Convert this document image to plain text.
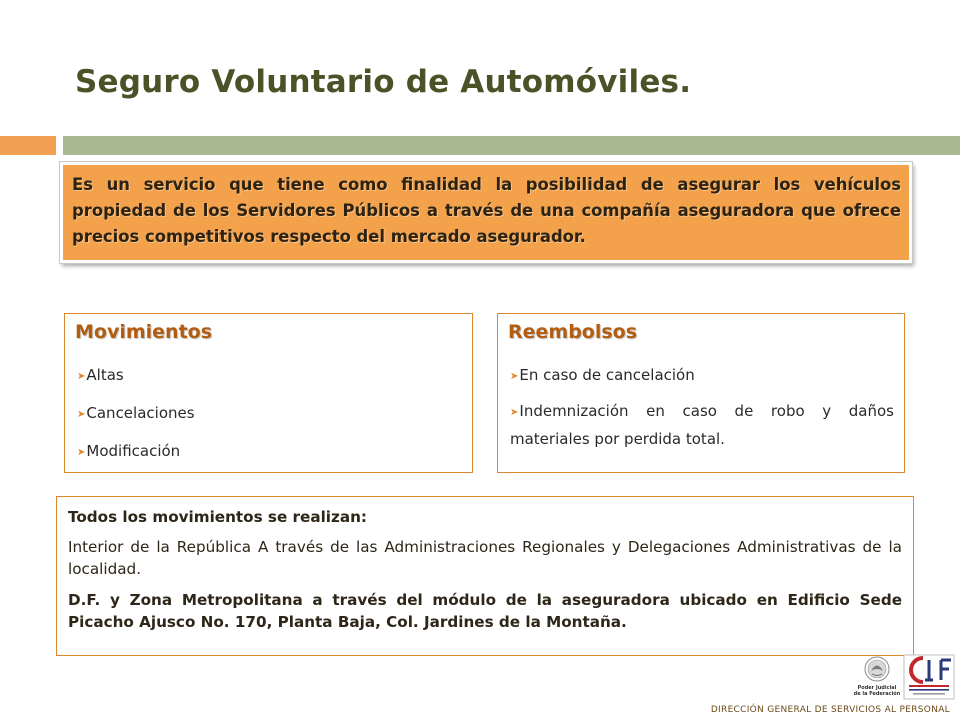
Seguro Voluntario de Automóviles.

Es un servicio que tiene como finalidad la posibilidad de asegurar los vehículos propiedad de los Servidores Públicos a través de una compañía aseguradora que ofrece precios competitivos respecto del mercado asegurador.

Movimientos
➤Altas
➤Cancelaciones
➤Modificación
Reembolsos
➤En caso de cancelación
➤Indemnización en caso de robo y daños materiales por perdida total.

Todos los movimientos se realizan:

Interior de la República A través de las Administraciones Regionales y Delegaciones Administrativas de la localidad.

D.F. y Zona Metropolitana a través del módulo de la aseguradora ubicado en Edificio Sede Picacho Ajusco No. 170, Planta Baja, Col. Jardines de la Montaña.

Poder Judicial
de la Federación
DIRECCIÓN GENERAL DE SERVICIOS AL PERSONAL
